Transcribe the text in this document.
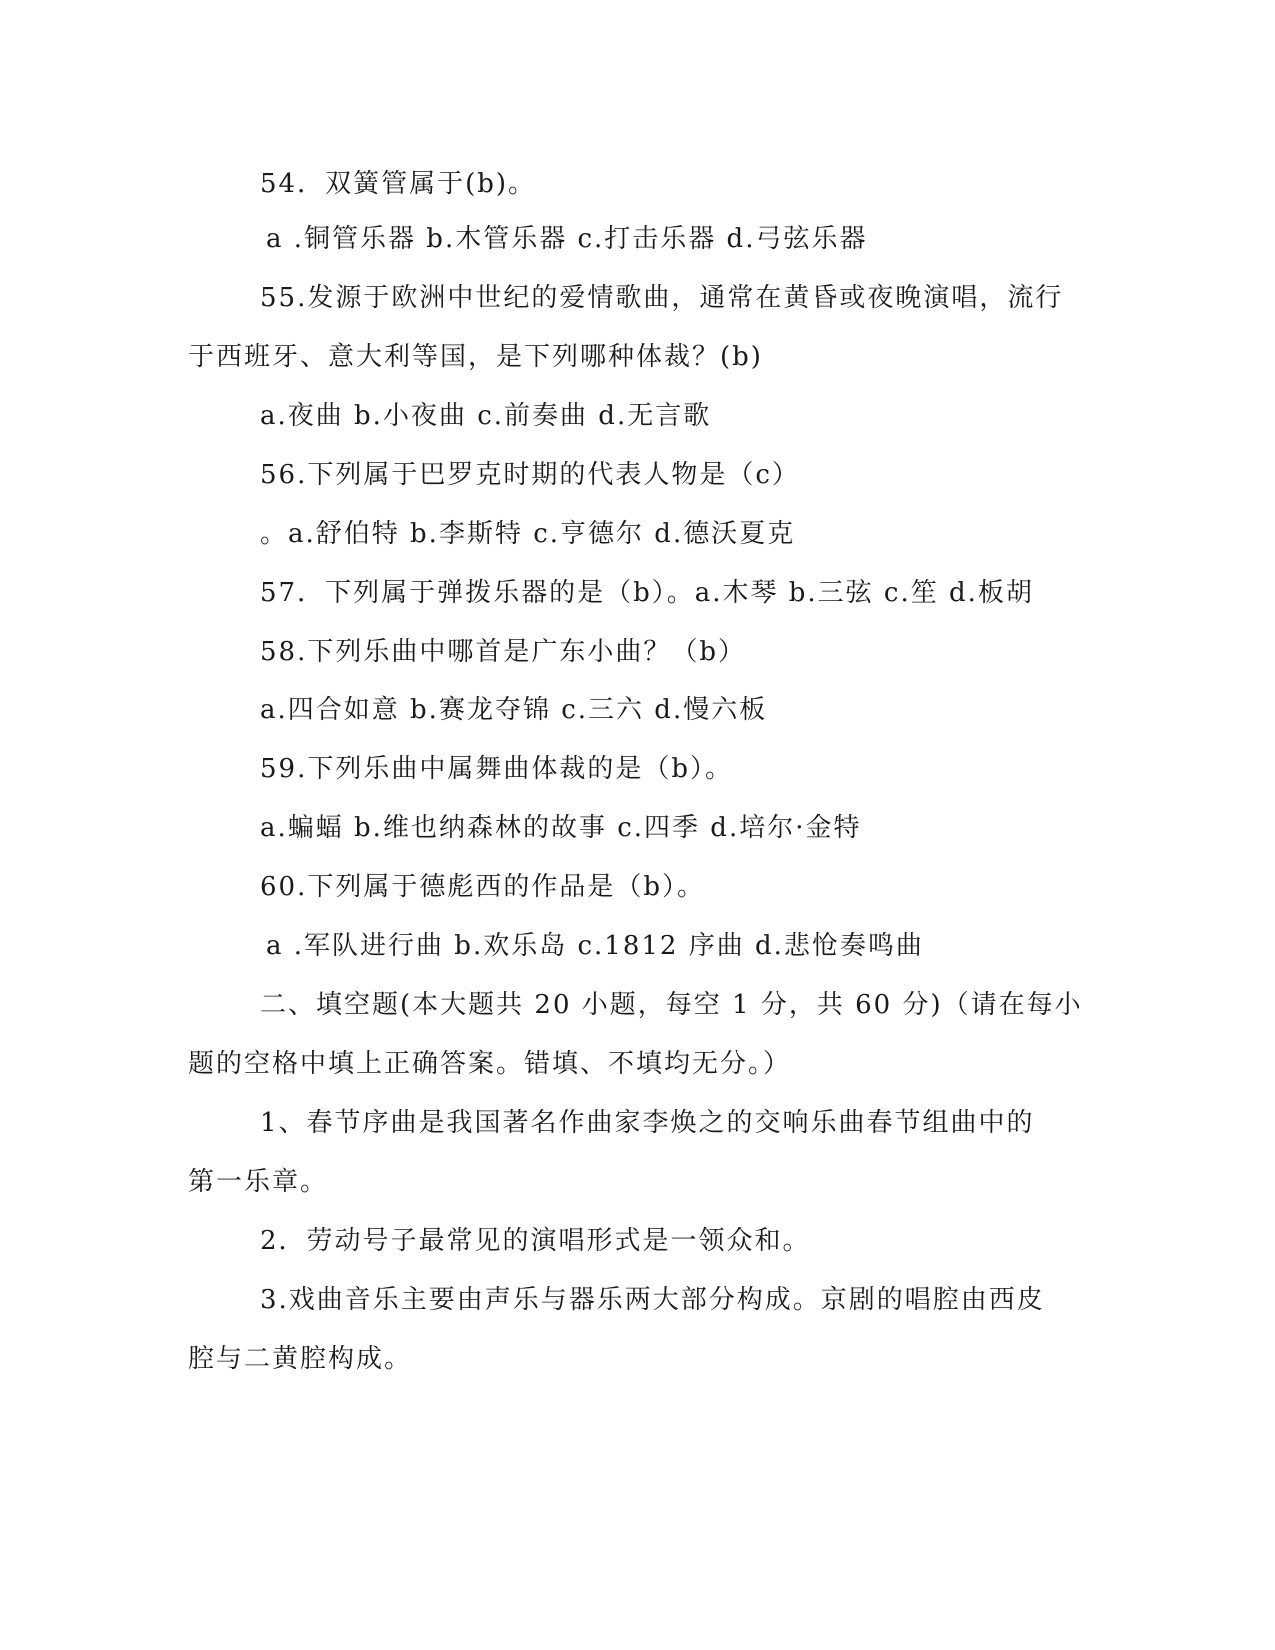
54．双簧管属于(b)。
a .铜管乐器 b.木管乐器 c.打击乐器 d.弓弦乐器
55.发源于欧洲中世纪的爱情歌曲，通常在黄昏或夜晚演唱，流行
于西班牙、意大利等国，是下列哪种体裁？(b)
a.夜曲 b.小夜曲 c.前奏曲 d.无言歌
56.下列属于巴罗克时期的代表人物是（c）
。a.舒伯特 b.李斯特 c.亨德尔 d.德沃夏克
57．下列属于弹拨乐器的是（b）。a.木琴 b.三弦 c.笙 d.板胡
58.下列乐曲中哪首是广东小曲？（b）
a.四合如意 b.赛龙夺锦 c.三六 d.慢六板
59.下列乐曲中属舞曲体裁的是（b）。
a.蝙蝠 b.维也纳森林的故事 c.四季 d.培尔·金特
60.下列属于德彪西的作品是（b）。
a .军队进行曲 b.欢乐岛 c.1812 序曲 d.悲怆奏鸣曲
二、填空题(本大题共 20 小题，每空 1 分，共 60 分)（请在每小
题的空格中填上正确答案。错填、不填均无分。）
1、春节序曲是我国著名作曲家李焕之的交响乐曲春节组曲中的
第一乐章。
2．劳动号子最常见的演唱形式是一领众和。
3.戏曲音乐主要由声乐与器乐两大部分构成。京剧的唱腔由西皮
腔与二黄腔构成。
